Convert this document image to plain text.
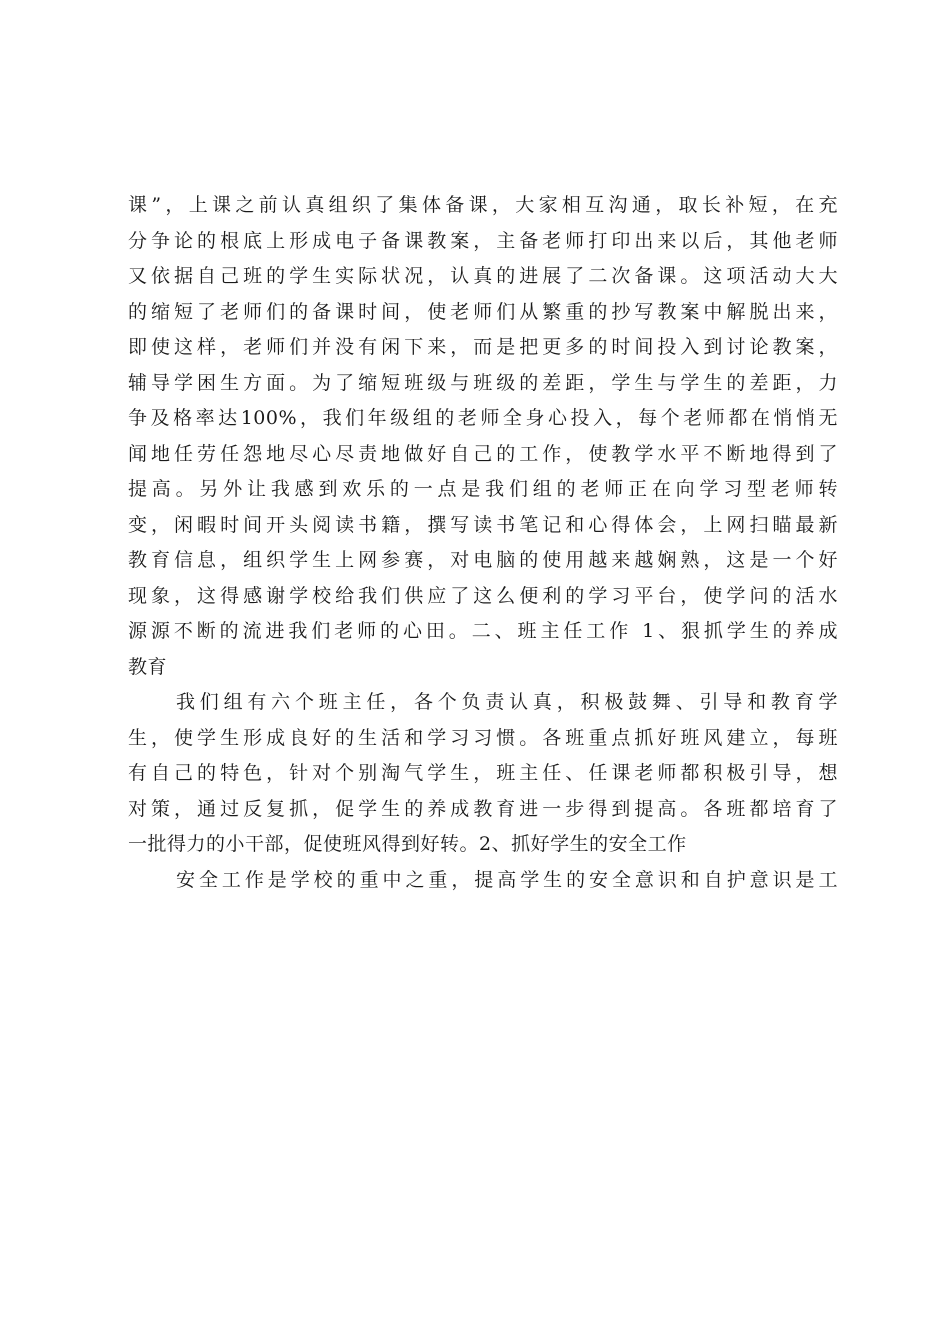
课”，上课之前认真组织了集体备课，大家相互沟通，取长补短，在充
分争论的根底上形成电子备课教案，主备老师打印出来以后，其他老师
又依据自己班的学生实际状况，认真的进展了二次备课。这项活动大大
的缩短了老师们的备课时间，使老师们从繁重的抄写教案中解脱出来，
即使这样，老师们并没有闲下来，而是把更多的时间投入到讨论教案，
辅导学困生方面。为了缩短班级与班级的差距，学生与学生的差距，力
争及格率达100%，我们年级组的老师全身心投入，每个老师都在悄悄无
闻地任劳任怨地尽心尽责地做好自己的工作，使教学水平不断地得到了
提高。另外让我感到欢乐的一点是我们组的老师正在向学习型老师转
变，闲暇时间开头阅读书籍，撰写读书笔记和心得体会，上网扫瞄最新
教育信息，组织学生上网参赛，对电脑的使用越来越娴熟，这是一个好
现象，这得感谢学校给我们供应了这么便利的学习平台，使学问的活水
源源不断的流进我们老师的心田。二、班主任工作 1、狠抓学生的养成
教育
我们组有六个班主任，各个负责认真，积极鼓舞、引导和教育学
生，使学生形成良好的生活和学习习惯。各班重点抓好班风建立，每班
有自己的特色，针对个别淘气学生，班主任、任课老师都积极引导，想
对策，通过反复抓，促学生的养成教育进一步得到提高。各班都培育了
一批得力的小干部，促使班风得到好转。2、抓好学生的安全工作
安全工作是学校的重中之重，提高学生的安全意识和自护意识是工
